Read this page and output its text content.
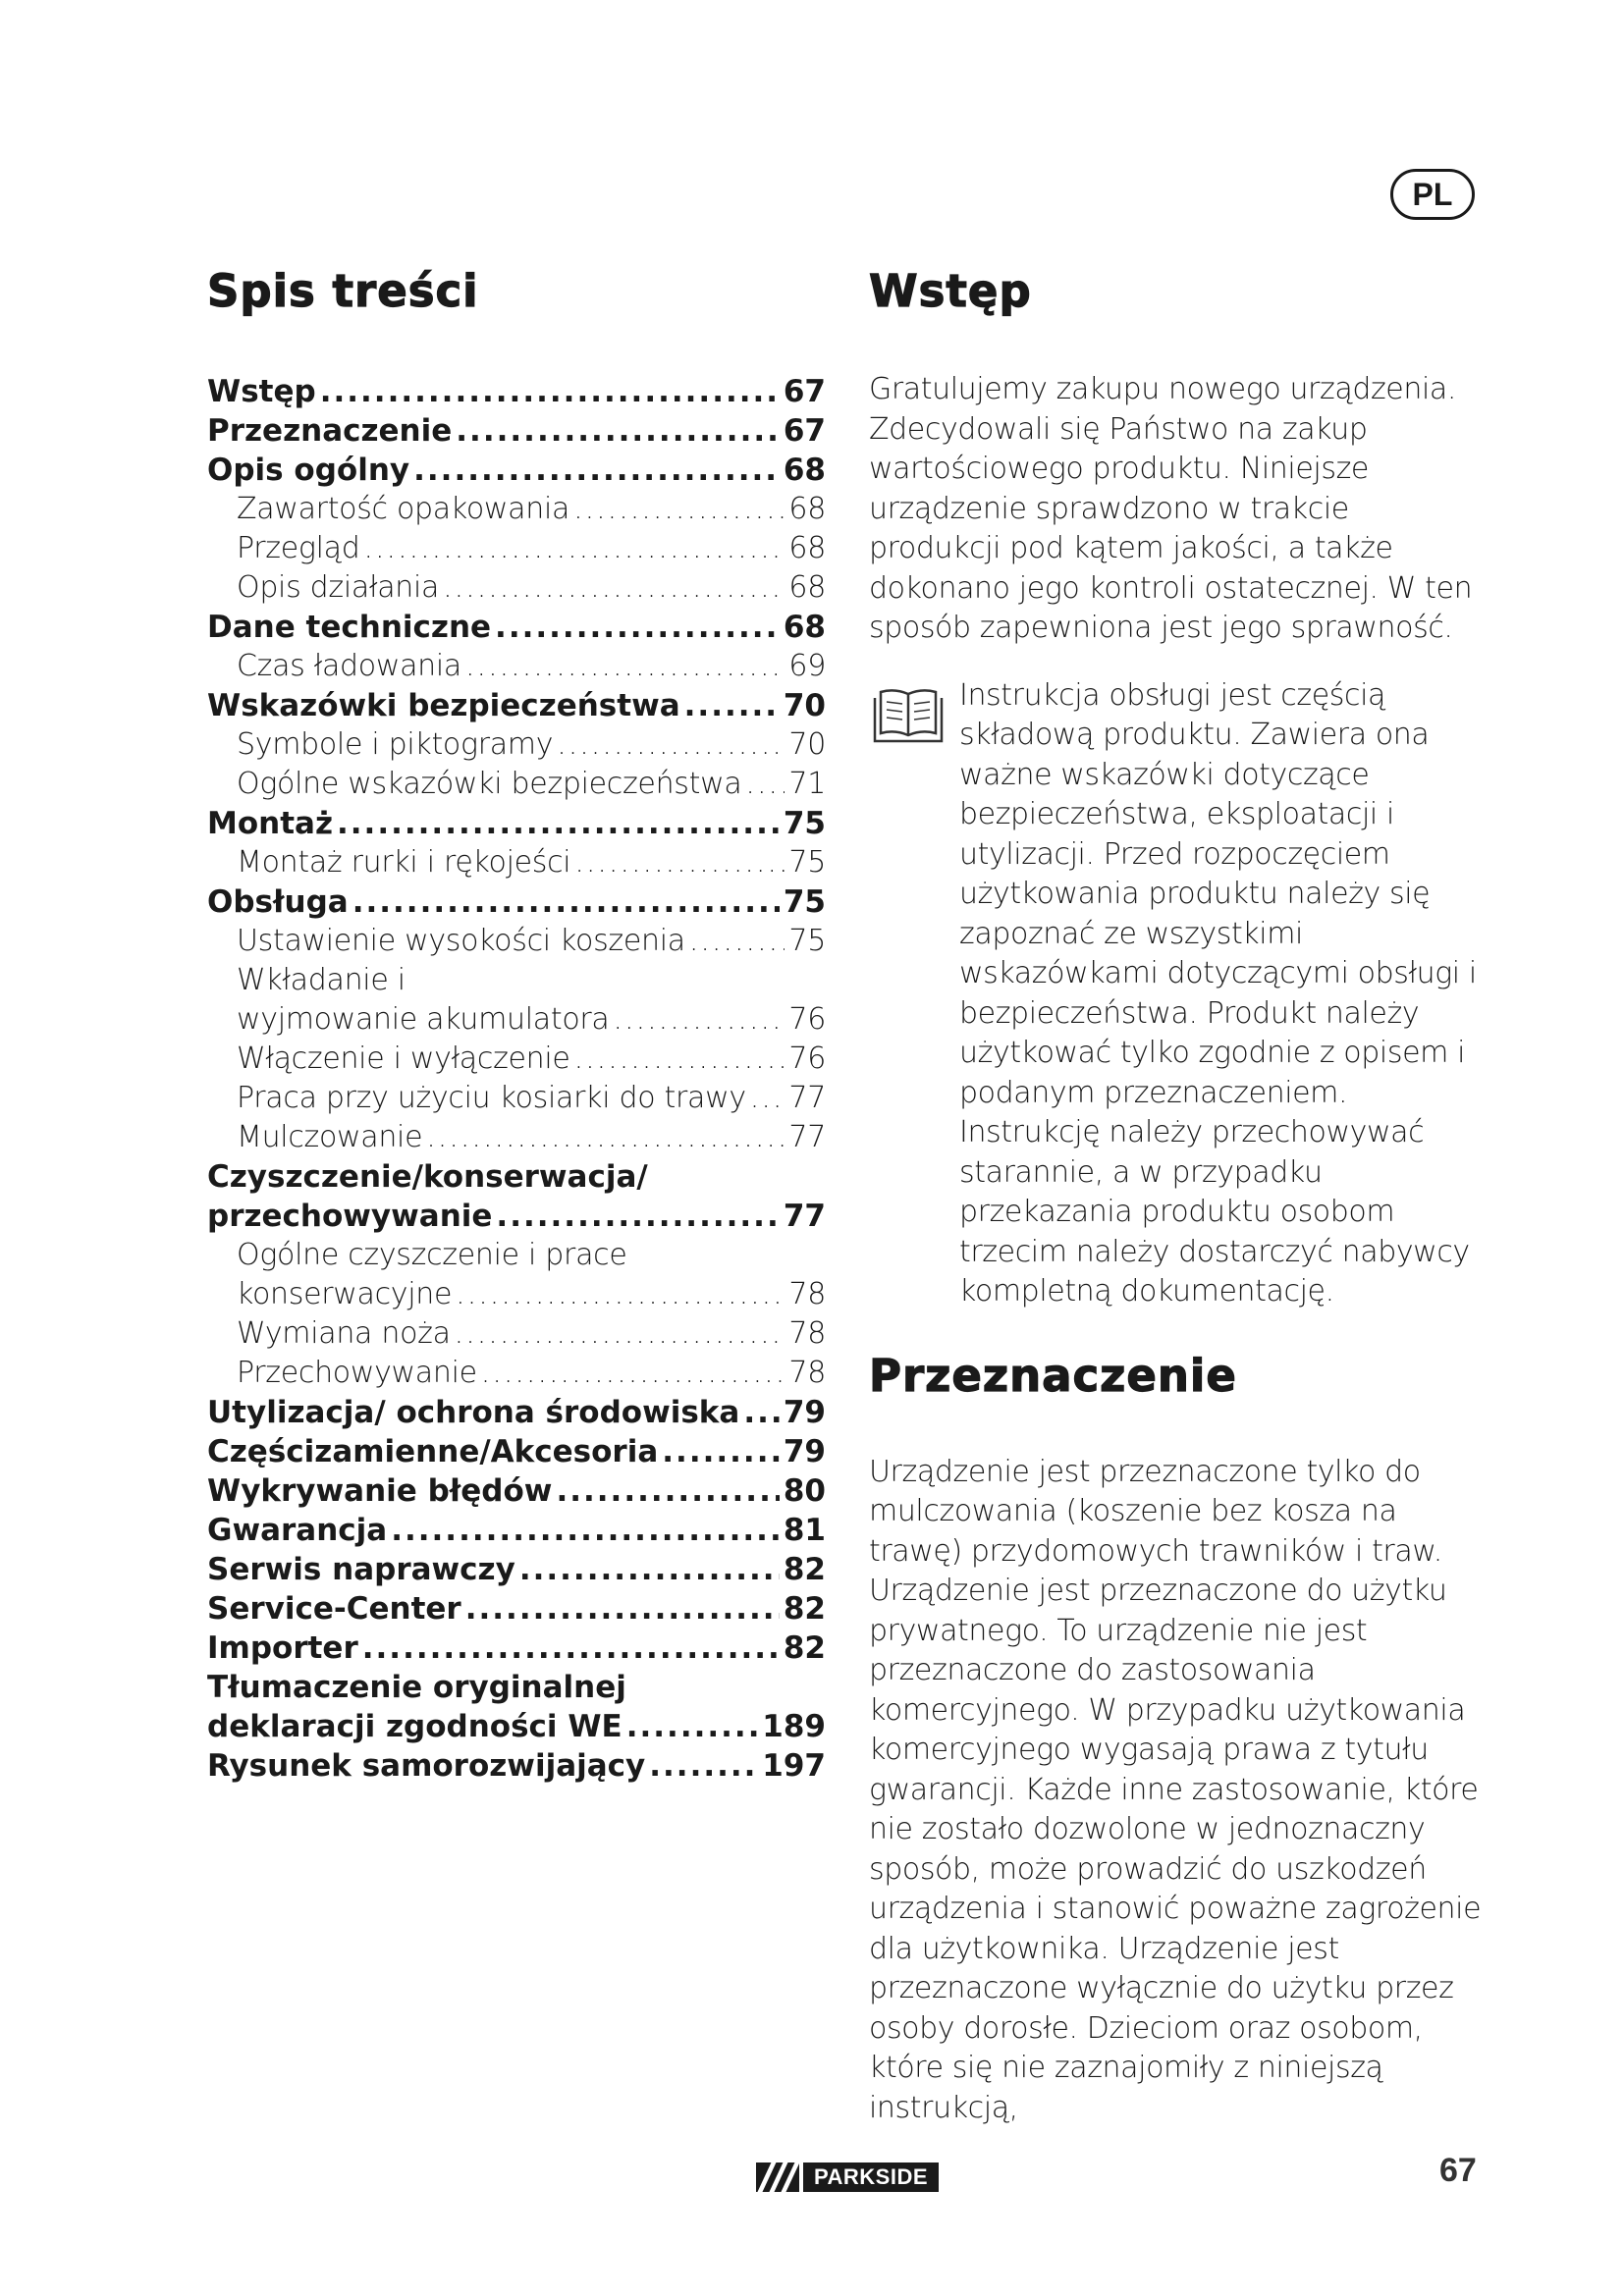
PL
Spis treści
Wstęp .....	67
Przeznaczenie .....	67
Opis ogólny .....	68
Zawartość opakowania .....	68
Przegląd .....	68
Opis działania .....	68
Dane techniczne .....	68
Czas ładowania .....	69
Wskazówki bezpieczeństwa .....	70
Symbole i piktogramy .....	70
Ogólne wskazówki bezpieczeństwa ..... 71
Montaż .....	75
Montaż rurki i rękojeści .....	75
Obsługa .....	75
Ustawienie wysokości koszenia .....	75
Wkładanie i
wyjmowanie akumulatora .....	76
Włączenie i wyłączenie .....	76
Praca przy użyciu kosiarki do trawy ..... 77
Mulczowanie .....	77
Czyszczenie/konserwacja/
przechowywanie .....	77
Ogólne czyszczenie i prace
konserwacyjne .....	78
Wymiana noża .....	78
Przechowywanie .....	78
Utylizacja/ ochrona środowiska ..... 79
Częścizamienne/Akcesoria .....	79
Wykrywanie błędów .....	80
Gwarancja .....	81
Serwis naprawczy .....	82
Service-Center .....	82
Importer .....	82
Tłumaczenie oryginalnej
deklaracji zgodności WE .....	189
Rysunek samorozwijający .....	197
Wstęp

Gratulujemy zakupu nowego urządzenia. Zdecydowali się Państwo na zakup wartościowego produktu. Niniejsze urządzenie sprawdzono w trakcie produkcji pod kątem jakości, a także dokonano jego kontroli ostatecznej. W ten sposób zapewniona jest jego sprawność.

Instrukcja obsługi jest częścią składową produktu. Zawiera ona ważne wskazówki dotyczące bezpieczeństwa, eksploatacji i utylizacji. Przed rozpoczęciem użytkowania produktu należy się zapoznać ze wszystkimi wskazówkami dotyczącymi obsługi i bezpieczeństwa. Produkt należy użytkować tylko zgodnie z opisem i podanym przeznaczeniem. Instrukcję należy przechowywać starannie, a w przypadku przekazania produktu osobom trzecim należy dostarczyć nabywcy kompletną dokumentację.

Przeznaczenie

Urządzenie jest przeznaczone tylko do mulczowania (koszenie bez kosza na trawę) przydomowych trawników i traw. Urządzenie jest przeznaczone do użytku prywatnego. To urządzenie nie jest przeznaczone do zastosowania komercyjnego. W przypadku użytkowania komercyjnego wygasają prawa z tytułu gwarancji. Każde inne zastosowanie, które nie zostało dozwolone w jednoznaczny sposób, może prowadzić do uszkodzeń urządzenia i stanowić poważne zagrożenie dla użytkownika. Urządzenie jest przeznaczone wyłącznie do użytku przez osoby dorosłe. Dzieciom oraz osobom, które się nie zaznajomiły z niniejszą instrukcją,

PARKSIDE	67
